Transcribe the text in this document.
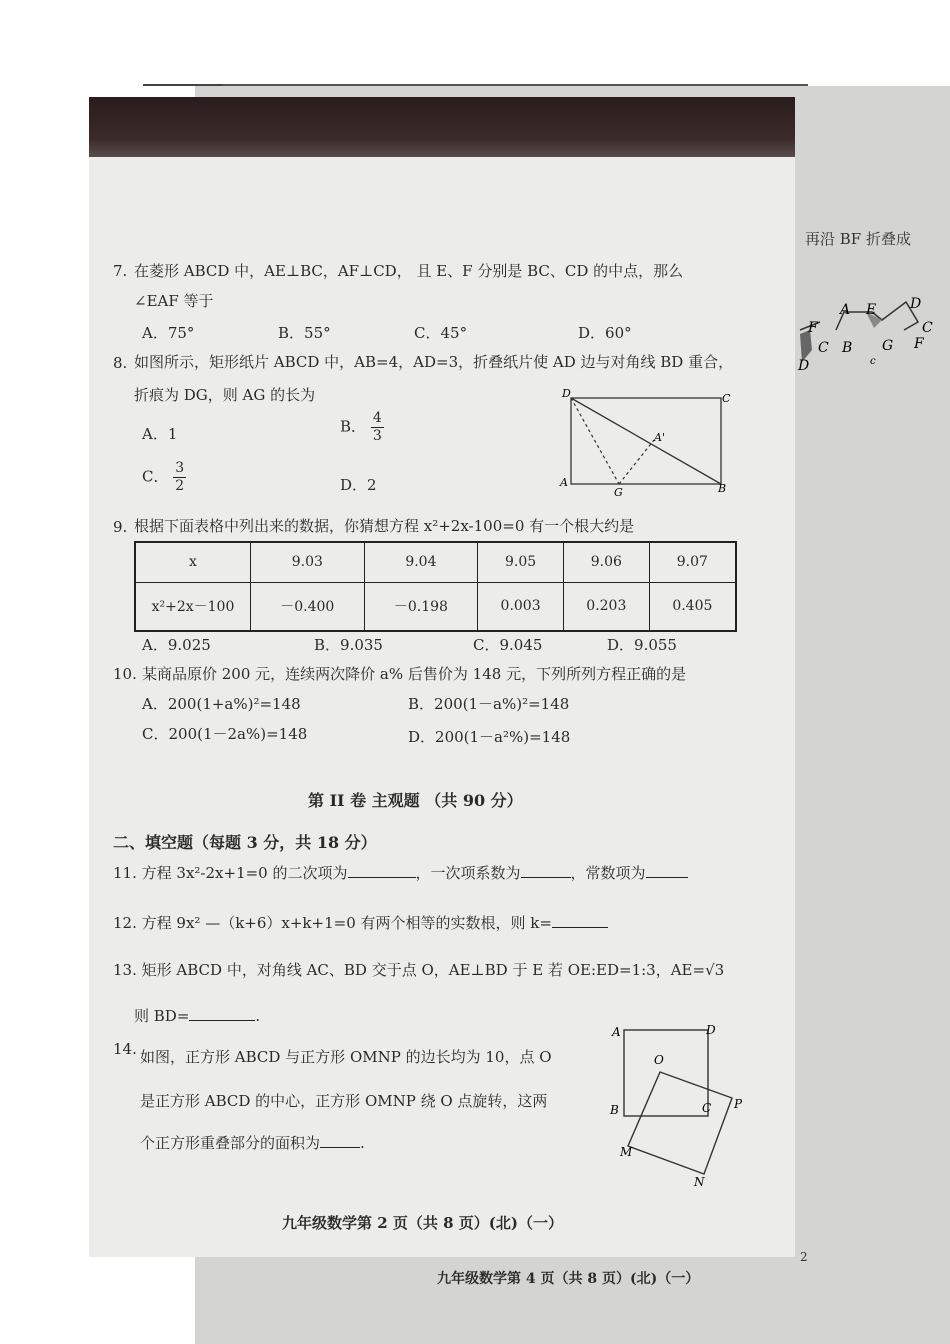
再沿 BF 折叠成
A E D
F	C
B G F
C
D	c
九年级数学第 4 页（共 8 页）(北)（一）
2
7. 在菱形 ABCD 中，AE⊥BC，AF⊥CD， 且 E、F 分别是 BC、CD 的中点，那么
∠EAF 等于
A．75°	B．55°	C．45°	D．60°
8. 如图所示，矩形纸片 ABCD 中，AB=4，AD=3，折叠纸片使 AD 边与对角线 BD 重合，
折痕为 DG，则 AG 的长为
A．1	B． $\frac{4}{3}$
C． $\frac{3}{2}$	D．2
D	C
A
G	B
A'
9. 根据下面表格中列出来的数据，你猜想方程 x²+2x-100=0 有一个根大约是
x	9.03	9.04	9.05	9.06	9.07
x²+2x－100	－0.400	－0.198	0.003	0.203	0.405
A．9.025	B．9.035	C．9.045	D．9.055
10. 某商品原价 200 元，连续两次降价 a% 后售价为 148 元，下列所列方程正确的是
A．200(1+a%)²=148	B．200(1－a%)²=148
C．200(1－2a%)=148	D．200(1－a²%)=148
第 II 卷 主观题 （共 90 分）
二、填空题（每题 3 分，共 18 分）
11. 方程 3x²-2x+1=0 的二次项为	，一次项系数为	，常数项为
12. 方程 9x² —（k+6）x+k+1=0 有两个相等的实数根，则 k=
13. 矩形 ABCD 中，对角线 AC、BD 交于点 O，AE⊥BD 于 E 若 OE:ED=1:3，AE=√3
则 BD=	.
14. 如图，正方形 ABCD 与正方形 OMNP 的边长均为 10，点 O
是正方形 ABCD 的中心，正方形 OMNP 绕 O 点旋转，这两
个正方形重叠部分的面积为	.
A	D
O
B	C P
M
N
九年级数学第 2 页（共 8 页）(北)（一）
